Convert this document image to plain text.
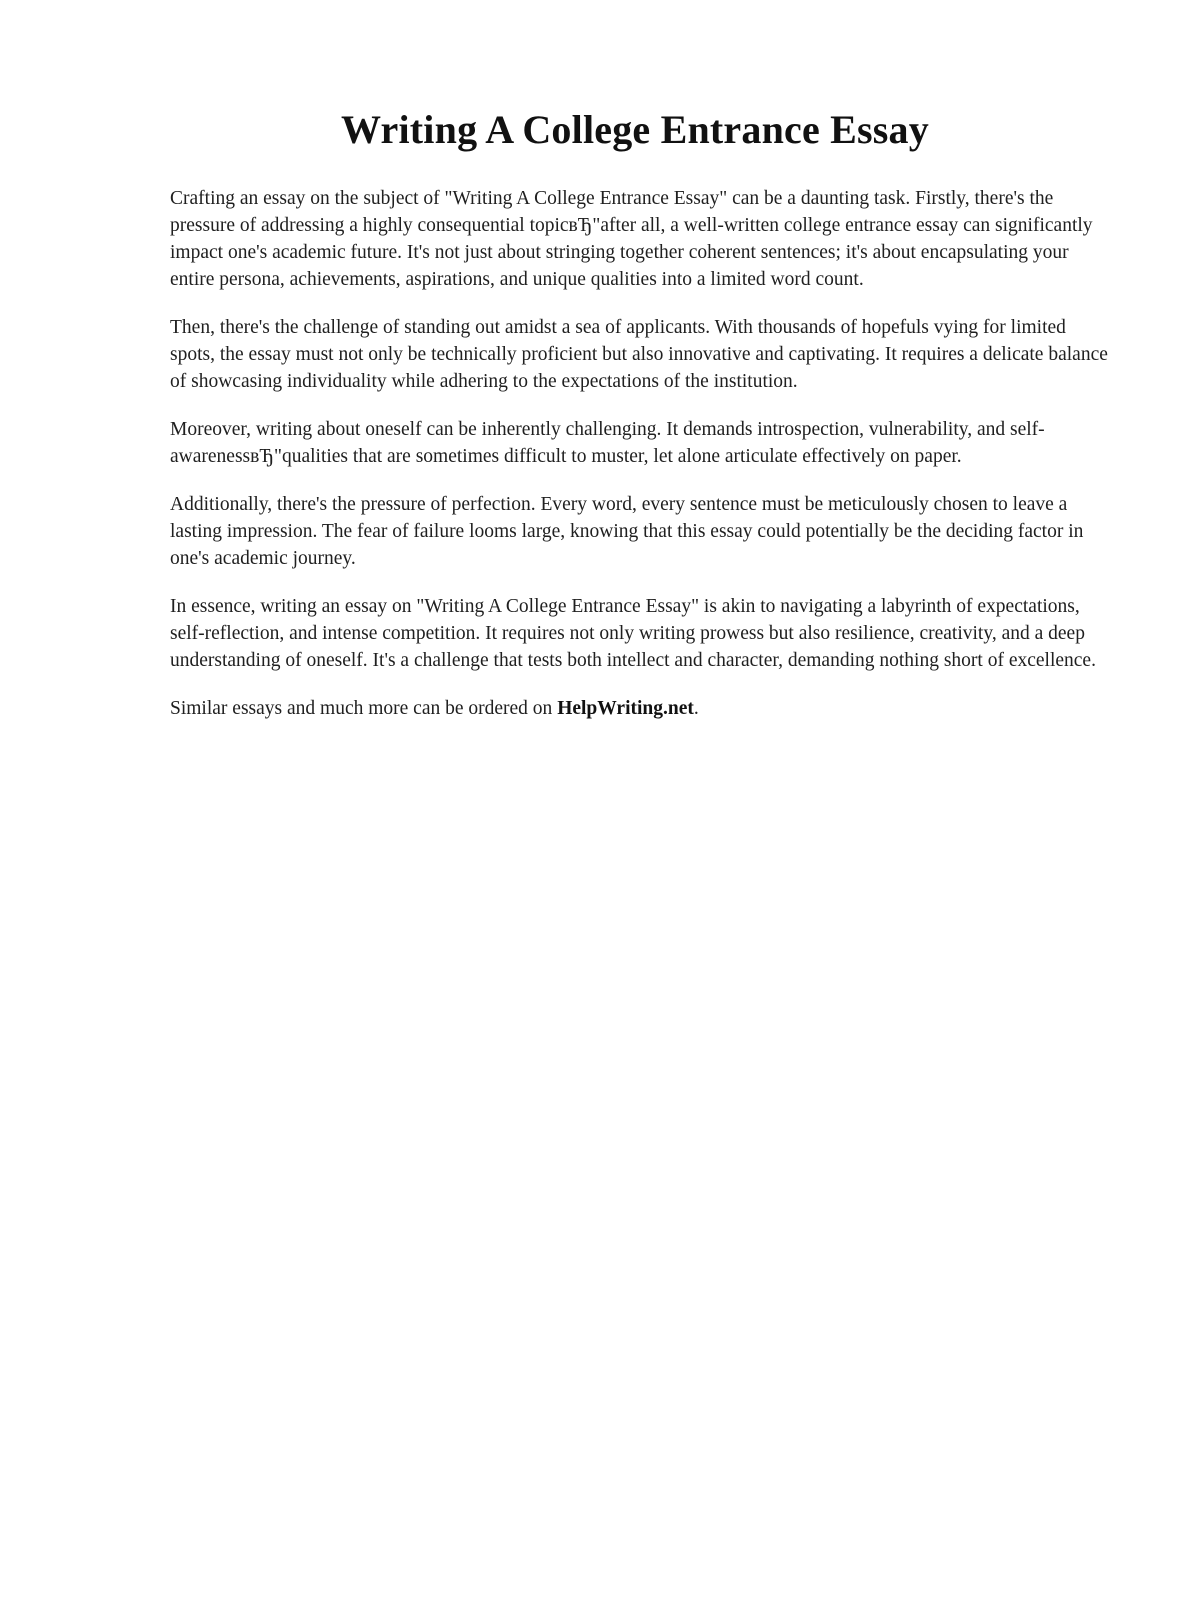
Writing A College Entrance Essay

Crafting an essay on the subject of "Writing A College Entrance Essay" can be a daunting task. Firstly, there's the pressure of addressing a highly consequential topicвЂ"after all, a well-written college entrance essay can significantly impact one's academic future. It's not just about stringing together coherent sentences; it's about encapsulating your entire persona, achievements, aspirations, and unique qualities into a limited word count.

Then, there's the challenge of standing out amidst a sea of applicants. With thousands of hopefuls vying for limited spots, the essay must not only be technically proficient but also innovative and captivating. It requires a delicate balance of showcasing individuality while adhering to the expectations of the institution.

Moreover, writing about oneself can be inherently challenging. It demands introspection, vulnerability, and self-awarenessвЂ"qualities that are sometimes difficult to muster, let alone articulate effectively on paper.

Additionally, there's the pressure of perfection. Every word, every sentence must be meticulously chosen to leave a lasting impression. The fear of failure looms large, knowing that this essay could potentially be the deciding factor in one's academic journey.

In essence, writing an essay on "Writing A College Entrance Essay" is akin to navigating a labyrinth of expectations, self-reflection, and intense competition. It requires not only writing prowess but also resilience, creativity, and a deep understanding of oneself. It's a challenge that tests both intellect and character, demanding nothing short of excellence.

Similar essays and much more can be ordered on HelpWriting.net.
